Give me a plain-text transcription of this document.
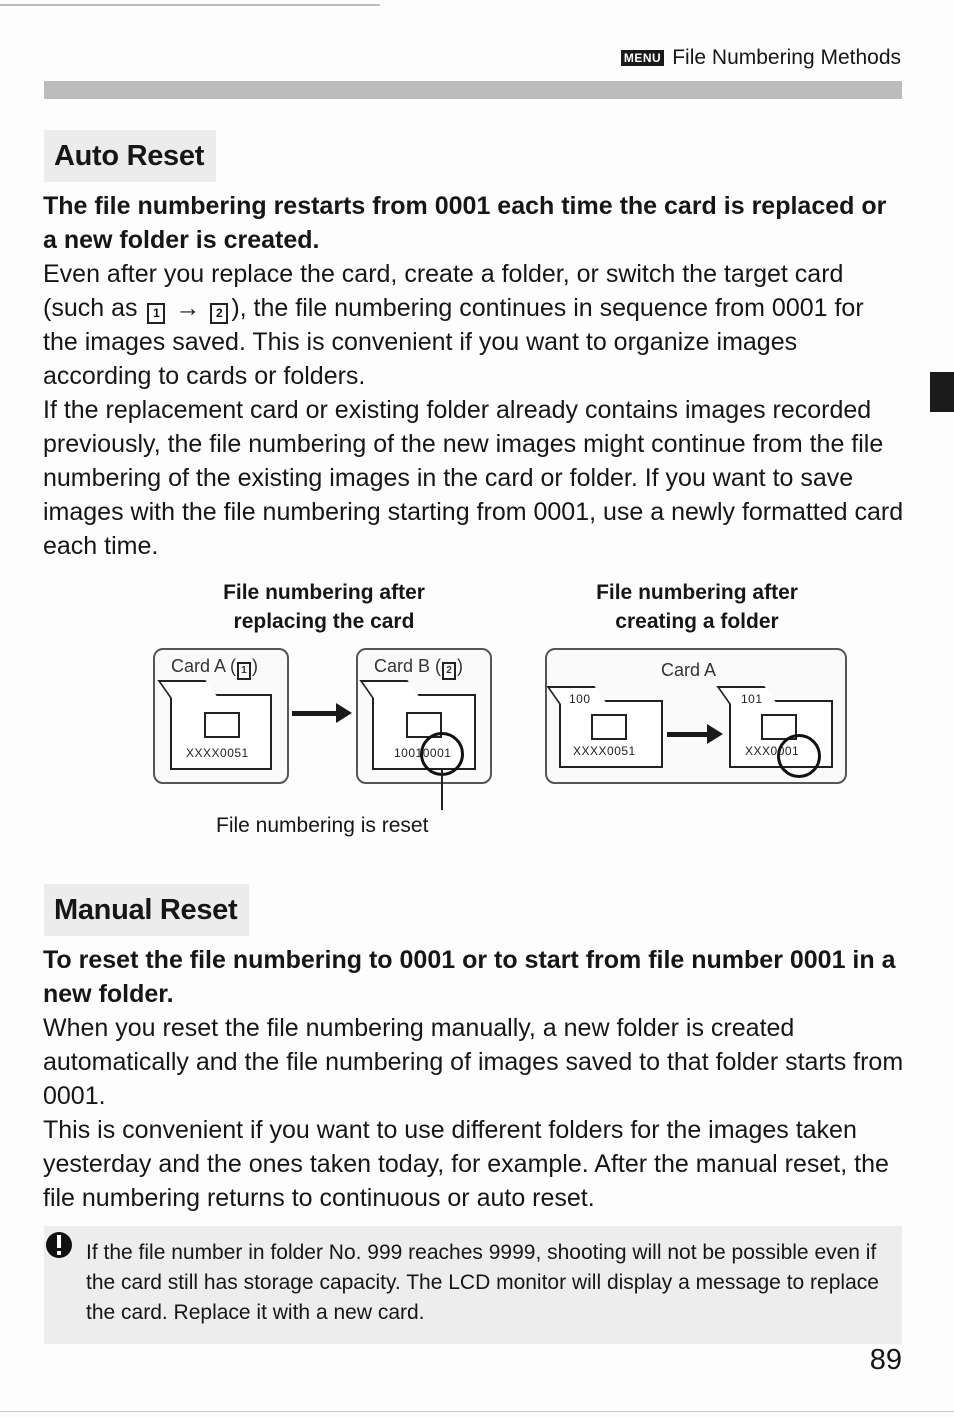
MENU File Numbering Methods
Auto Reset
The file numbering restarts from 0001 each time the card is replaced or a new folder is created.

Even after you replace the card, create a folder, or switch the target card (such as 1 → 2 ), the file numbering continues in sequence from 0001 for the images saved. This is convenient if you want to organize images according to cards or folders.

If the replacement card or existing folder already contains images recorded previously, the file numbering of the new images might continue from the file numbering of the existing images in the card or folder. If you want to save images with the file numbering starting from 0001, use a newly formatted card each time.

File numbering after replacing the card
File numbering after creating a folder
Card A ( 1 )
XXXX0051
Card B ( 2 )
10010001
File numbering is reset
Card A
100
XXXX0051
101
XXX0001
Manual Reset
To reset the file numbering to 0001 or to start from file number 0001 in a new folder.

When you reset the file numbering manually, a new folder is created automatically and the file numbering of images saved to that folder starts from 0001.

This is convenient if you want to use different folders for the images taken yesterday and the ones taken today, for example. After the manual reset, the file numbering returns to continuous or auto reset.

If the file number in folder No. 999 reaches 9999, shooting will not be possible even if the card still has storage capacity. The LCD monitor will display a message to replace the card. Replace it with a new card.
89
